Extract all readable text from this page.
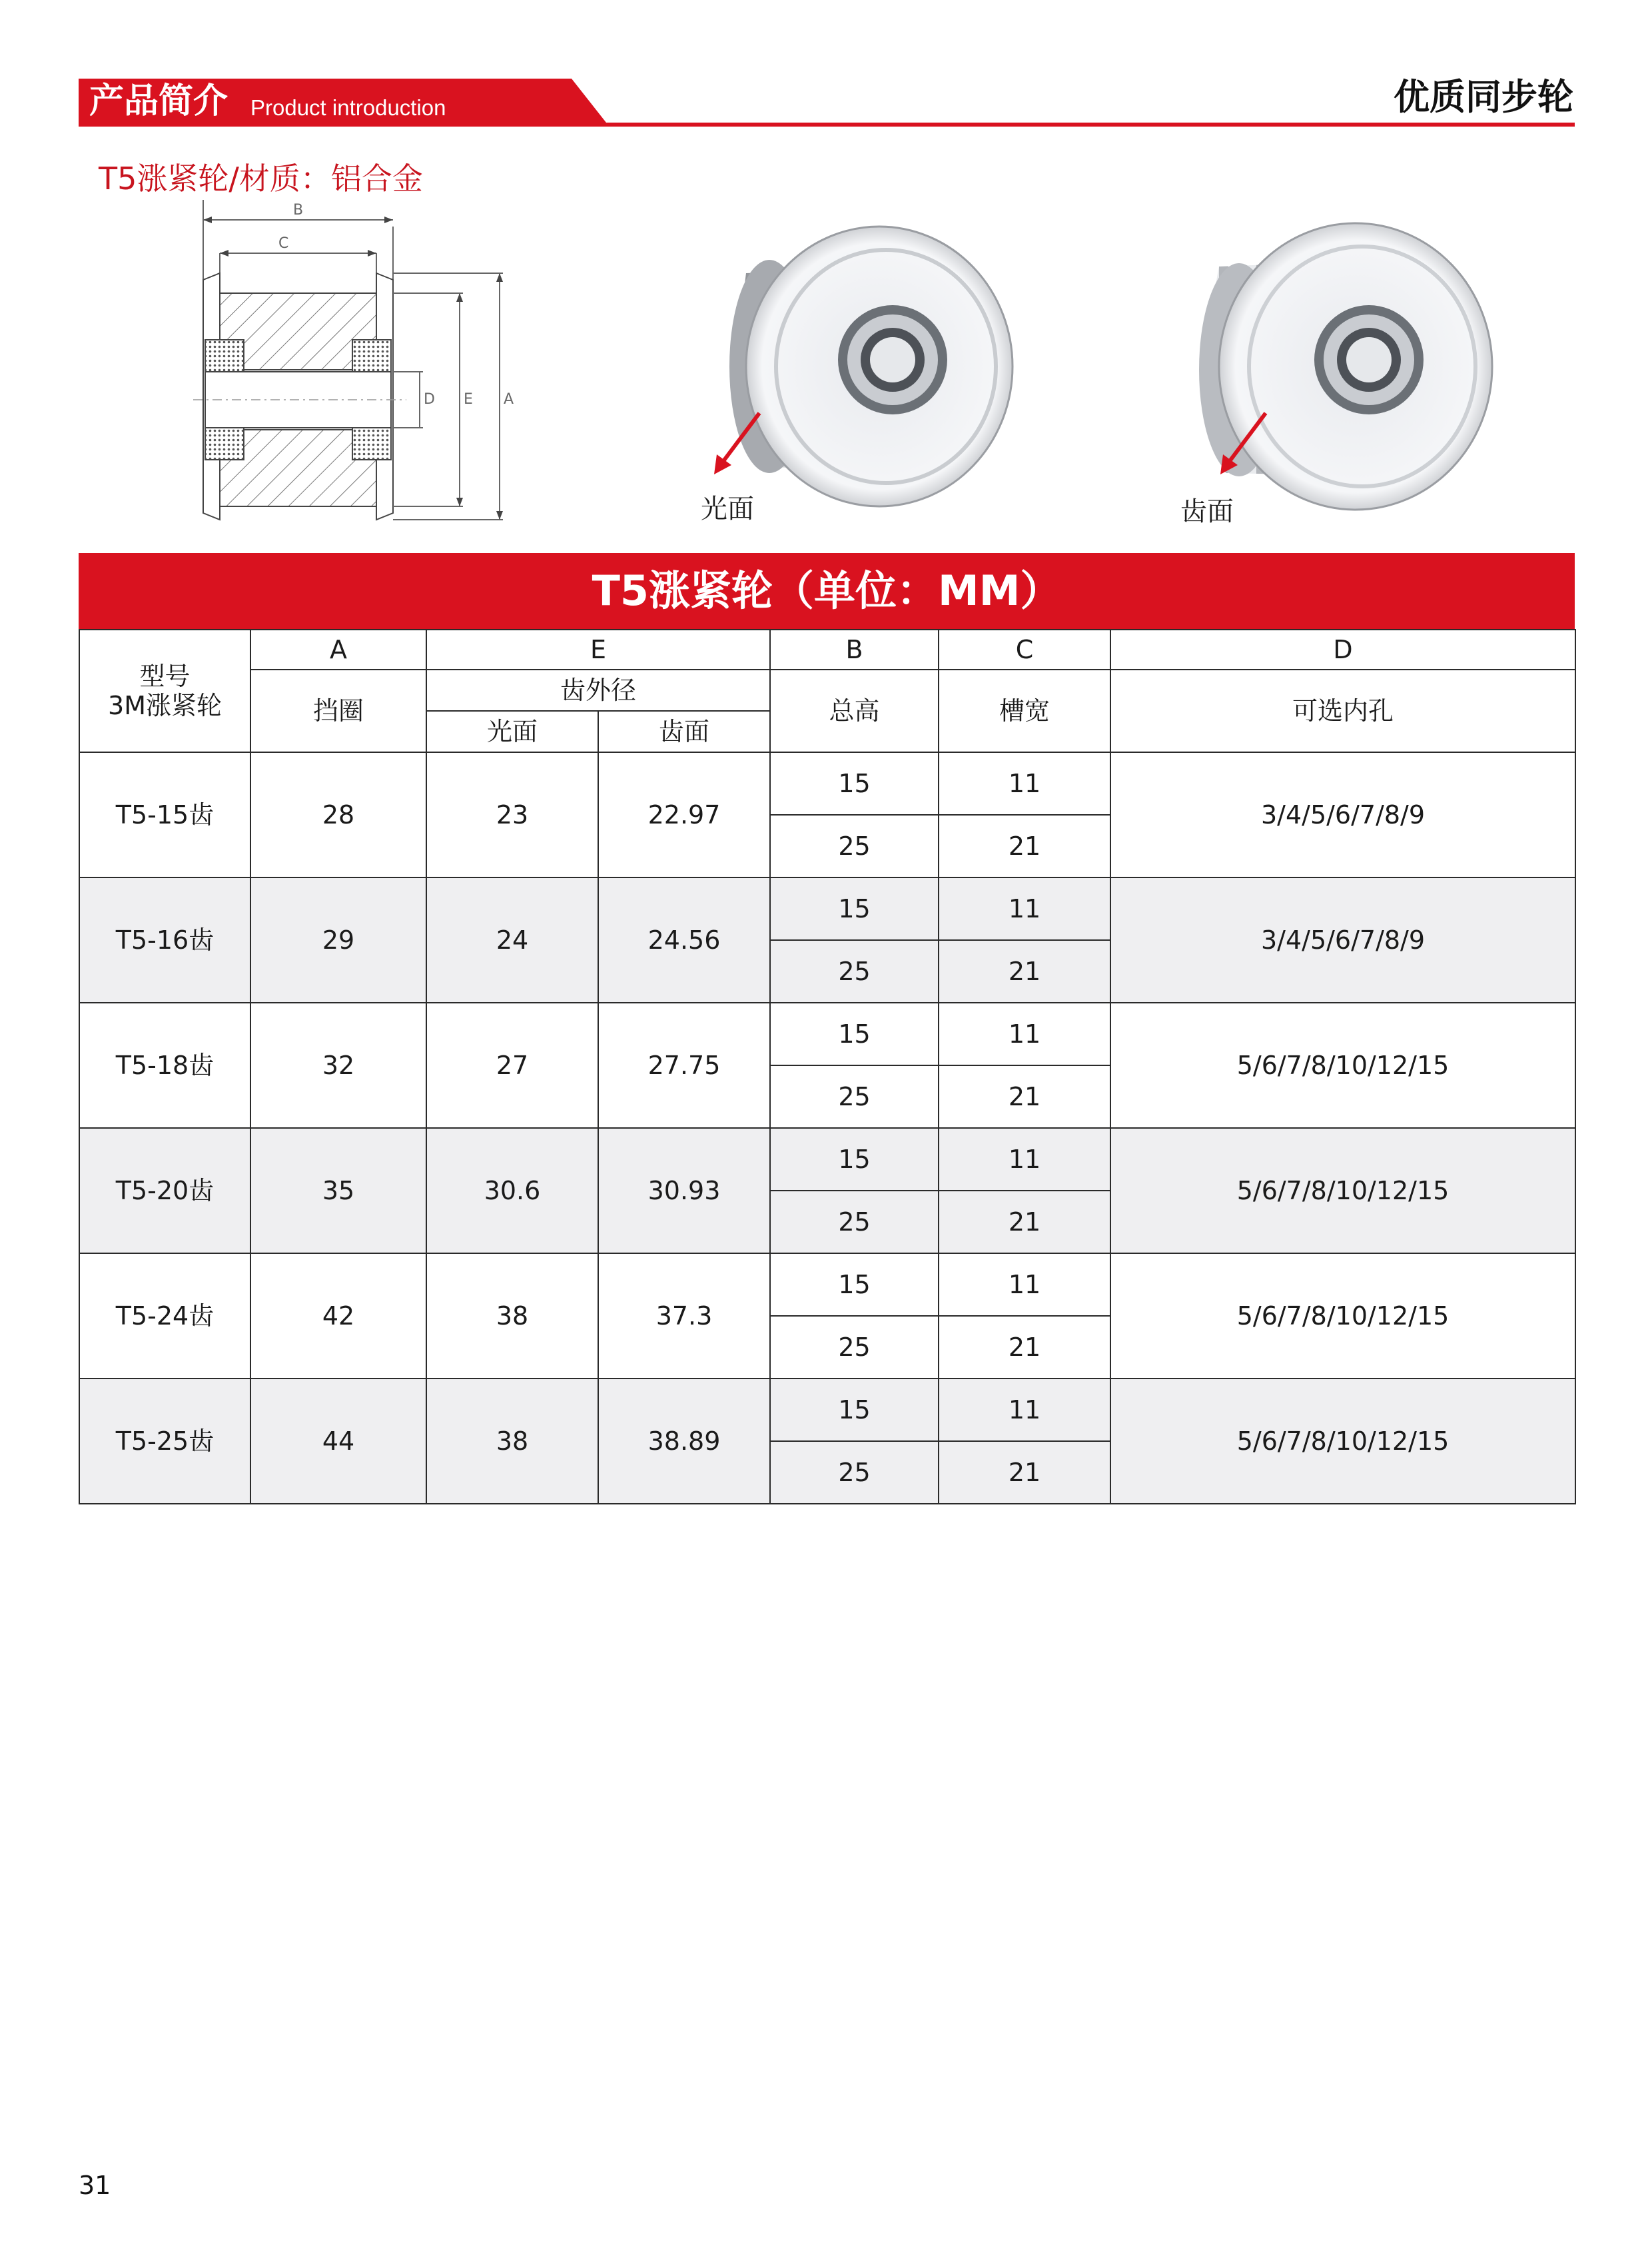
产品简介 Product introduction	优质同步轮
T5涨紧轮/材质：铝合金
B
C
D E A
光面	齿面
T5涨紧轮（单位：MM）
型号
3M涨紧轮	A	E		B	C	D
	挡圈	齿外径		总高	槽宽	可选内孔
		光面	齿面			
T5-15齿	28	23	22.97	15	11	3/4/5/6/7/8/9
				25	21	
T5-16齿	29	24	24.56	15	11	3/4/5/6/7/8/9
				25	21	
T5-18齿	32	27	27.75	15	11	5/6/7/8/10/12/15
				25	21	
T5-20齿	35	30.6	30.93	15	11	5/6/7/8/10/12/15
				25	21	
T5-24齿	42	38	37.3	15	11	5/6/7/8/10/12/15
				25	21	
T5-25齿	44	38	38.89	15	11	5/6/7/8/10/12/15
				25	21	
31
